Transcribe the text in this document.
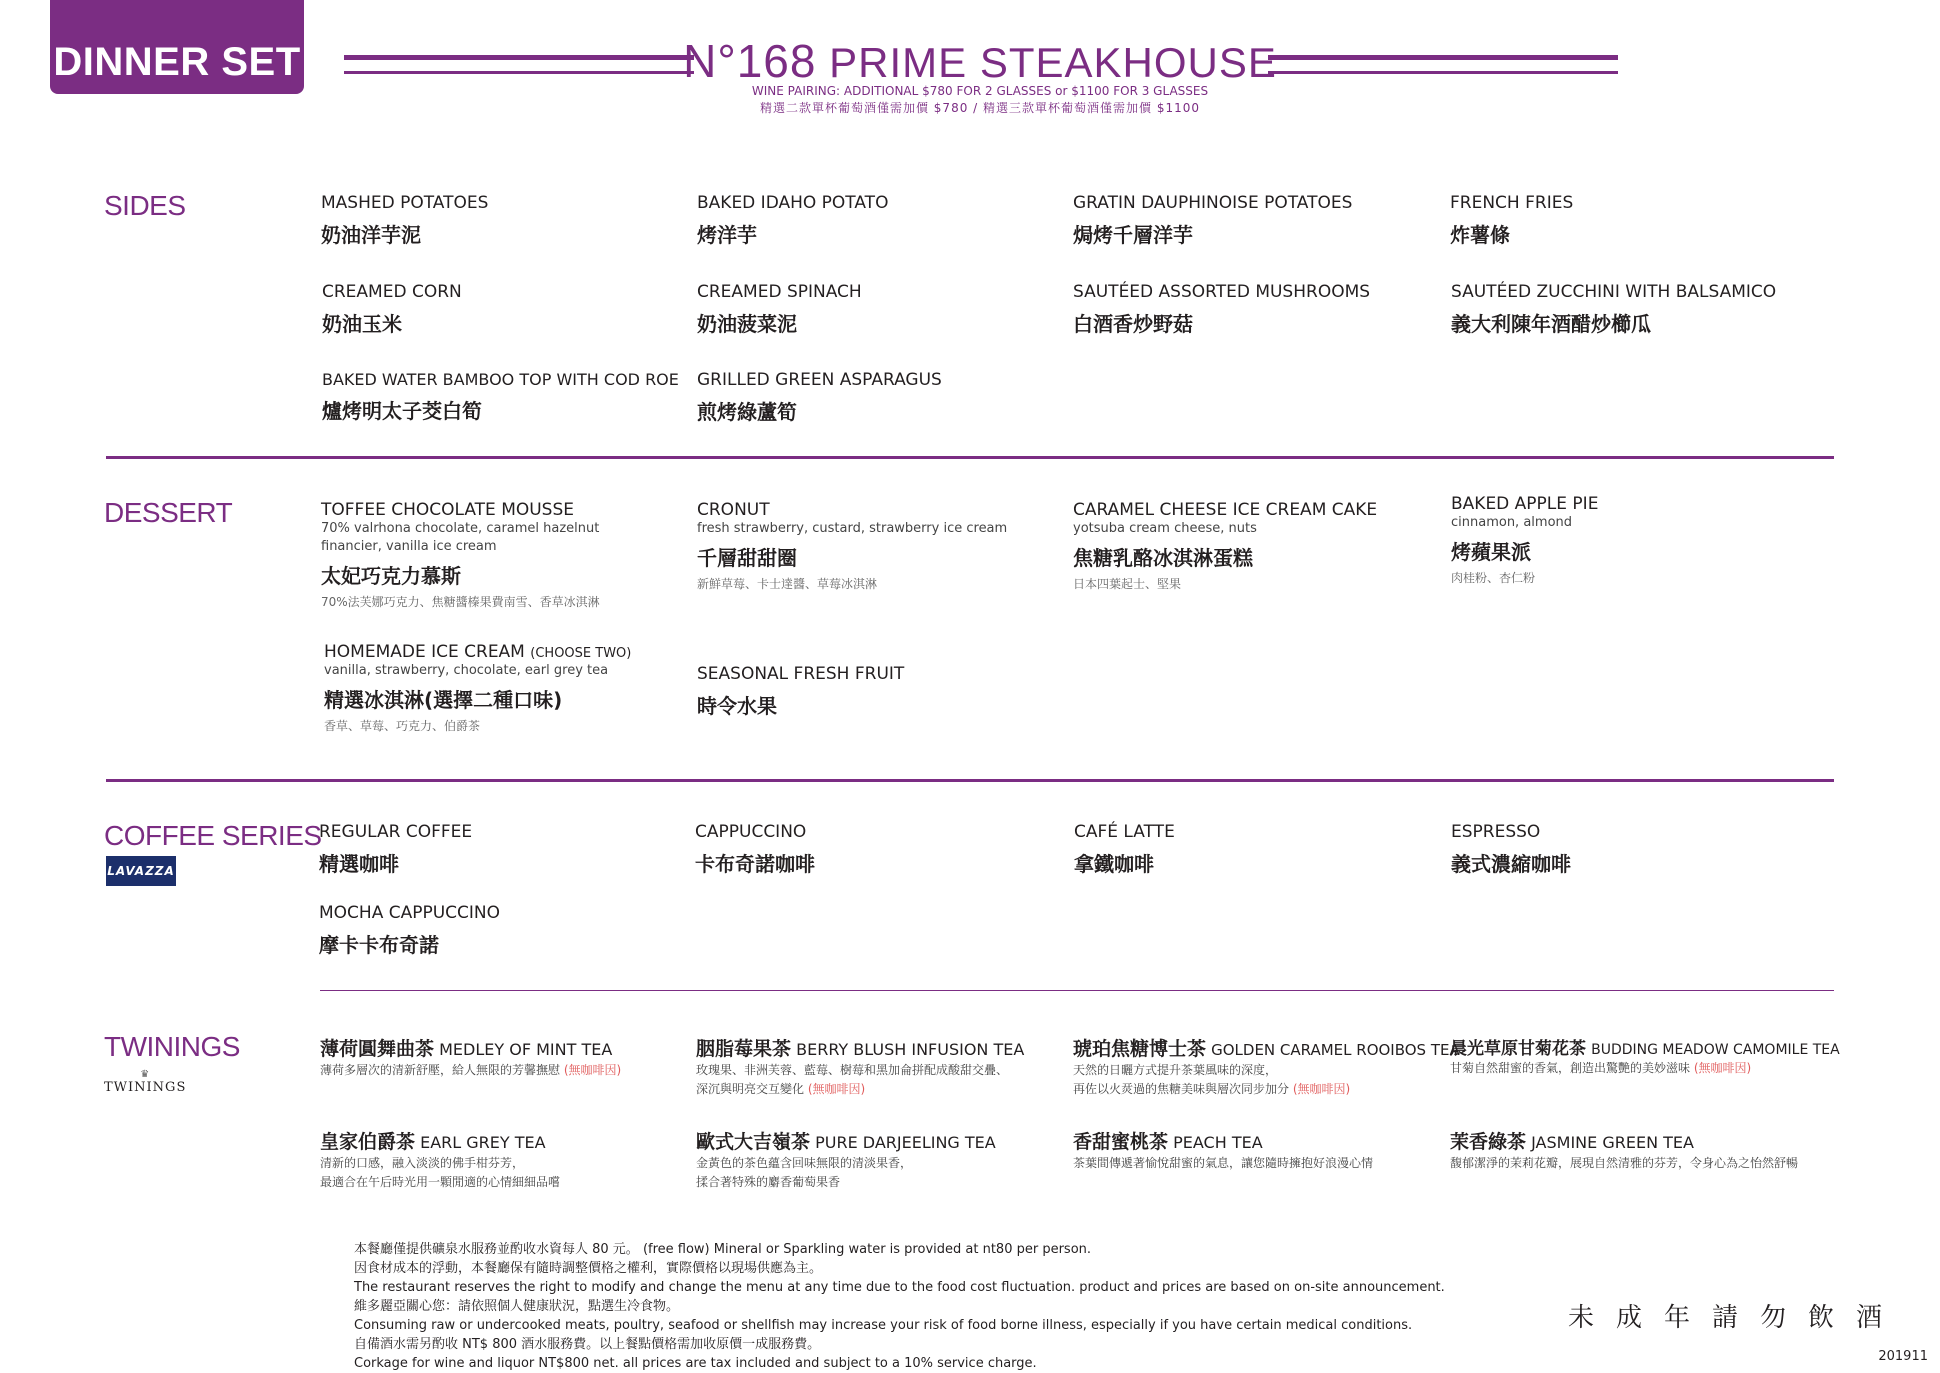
DINNER SET	N°168 PRIME STEAKHOUSE
WINE PAIRING: ADDITIONAL $780 FOR 2 GLASSES or $1100 FOR 3 GLASSES
精選二款單杯葡萄酒僅需加價 $780 / 精選三款單杯葡萄酒僅需加價 $1100
SIDES	MASHED POTATOES
奶油洋芋泥
BAKED IDAHO POTATO
烤洋芋
GRATIN DAUPHINOISE POTATOES
焗烤千層洋芋
FRENCH FRIES
炸薯條
CREAMED CORN
奶油玉米
CREAMED SPINACH
奶油菠菜泥
SAUTÉED ASSORTED MUSHROOMS
白酒香炒野菇
SAUTÉED ZUCCHINI WITH BALSAMICO
義大利陳年酒醋炒櫛瓜
BAKED WATER BAMBOO TOP WITH COD ROE
爐烤明太子茭白筍
GRILLED GREEN ASPARAGUS
煎烤綠蘆筍
DESSERT	TOFFEE CHOCOLATE MOUSSE
70% valrhona chocolate, caramel hazelnut
financier, vanilla ice cream
太妃巧克力慕斯
70%法芙娜巧克力、焦糖醬榛果費南雪、香草冰淇淋
CRONUT
fresh strawberry, custard, strawberry ice cream
千層甜甜圈
新鮮草莓、卡士達醬、草莓冰淇淋
CARAMEL CHEESE ICE CREAM CAKE
yotsuba cream cheese, nuts
焦糖乳酪冰淇淋蛋糕
日本四葉起士、堅果
BAKED APPLE PIE
cinnamon, almond
烤蘋果派
肉桂粉、杏仁粉
HOMEMADE ICE CREAM (CHOOSE TWO)
vanilla, strawberry, chocolate, earl grey tea
精選冰淇淋(選擇二種口味)
香草、草莓、巧克力、伯爵茶
SEASONAL FRESH FRUIT
時令水果
COFFEE SERIES
LAVAZZA
REGULAR COFFEE
精選咖啡
CAPPUCCINO
卡布奇諾咖啡
CAFÉ LATTE
拿鐵咖啡
ESPRESSO
義式濃縮咖啡
MOCHA CAPPUCCINO
摩卡卡布奇諾
TWININGS
♛
TWININGS
薄荷圓舞曲茶 MEDLEY OF MINT TEA
薄荷多層次的清新舒壓，給人無限的芳馨撫慰 (無咖啡因)
胭脂莓果茶 BERRY BLUSH INFUSION TEA
玫瑰果、非洲芙蓉、藍莓、樹莓和黑加侖拼配成酸甜交疊、
深沉與明亮交互變化 (無咖啡因)
琥珀焦糖博士茶 GOLDEN CARAMEL ROOIBOS TEA
天然的日曬方式提升茶葉風味的深度，
再佐以火烎過的焦糖美味與層次同步加分 (無咖啡因)
晨光草原甘菊花茶 BUDDING MEADOW CAMOMILE TEA
甘菊自然甜蜜的香氣，創造出驚艷的美妙滋味 (無咖啡因)
皇家伯爵茶 EARL GREY TEA
清新的口感，融入淡淡的佛手柑芬芳，
最適合在午后時光用一顆閒適的心情細細品嚐
歐式大吉嶺茶 PURE DARJEELING TEA
金黃色的茶色蘊含回味無限的清淡果香，
揉合著特殊的麝香葡萄果香
香甜蜜桃茶 PEACH TEA
茶葉間傳遞著愉悅甜蜜的氣息，讓您隨時擁抱好浪漫心情
茉香綠茶 JASMINE GREEN TEA
馥郁潔淨的茉莉花瓣，展現自然清雅的芬芳，令身心為之怡然舒暢
本餐廳僅提供礦泉水服務並酌收水資每人 80 元。 (free flow) Mineral or Sparkling water is provided at nt80 per person.
因食材成本的浮動，本餐廳保有隨時調整價格之權利，實際價格以現場供應為主。
The restaurant reserves the right to modify and change the menu at any time due to the food cost fluctuation. product and prices are based on on-site announcement.
維多麗亞關心您：請依照個人健康狀況，點選生冷食物。
Consuming raw or undercooked meats, poultry, seafood or shellfish may increase your risk of food borne illness, especially if you have certain medical conditions.
自備酒水需另酌收 NT$ 800 酒水服務費。以上餐點價格需加收原價一成服務費。
Corkage for wine and liquor NT$800 net. all prices are tax included and subject to a 10% service charge.
未成年請勿飲酒
201911
